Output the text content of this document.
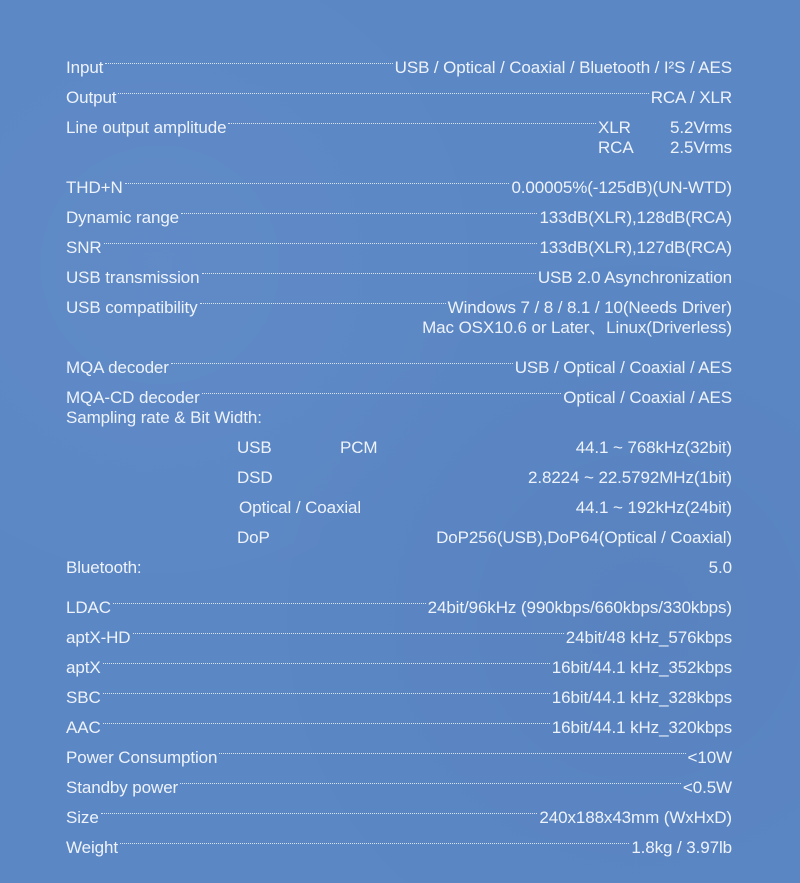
Input	USB / Optical / Coaxial / Bluetooth / I²S / AES
Output	RCA / XLR
Line output amplitude	XLR 5.2Vrms
RCA 2.5Vrms
THD+N	0.00005%(-125dB)(UN-WTD)
Dynamic range	133dB(XLR),128dB(RCA)
SNR	133dB(XLR),127dB(RCA)
USB transmission	USB 2.0 Asynchronization
USB compatibility	Windows 7 / 8 / 8.1 / 10(Needs Driver)
Mac OSX10.6 or Later、Linux(Driverless)
MQA decoder	USB / Optical / Coaxial / AES
MQA-CD decoder	Optical / Coaxial / AES
Sampling rate & Bit Width:
USB	PCM	44.1 ~ 768kHz(32bit)
DSD	2.8224 ~ 22.5792MHz(1bit)
Optical / Coaxial	44.1 ~ 192kHz(24bit)
DoP	DoP256(USB),DoP64(Optical / Coaxial)
Bluetooth:	5.0
LDAC	24bit/96kHz (990kbps/660kbps/330kbps)
aptX-HD	24bit/48 kHz_576kbps
aptX	16bit/44.1 kHz_352kbps
SBC	16bit/44.1 kHz_328kbps
AAC	16bit/44.1 kHz_320kbps
Power Consumption	<10W
Standby power	<0.5W
Size	240x188x43mm (WxHxD)
Weight	1.8kg / 3.97lb
